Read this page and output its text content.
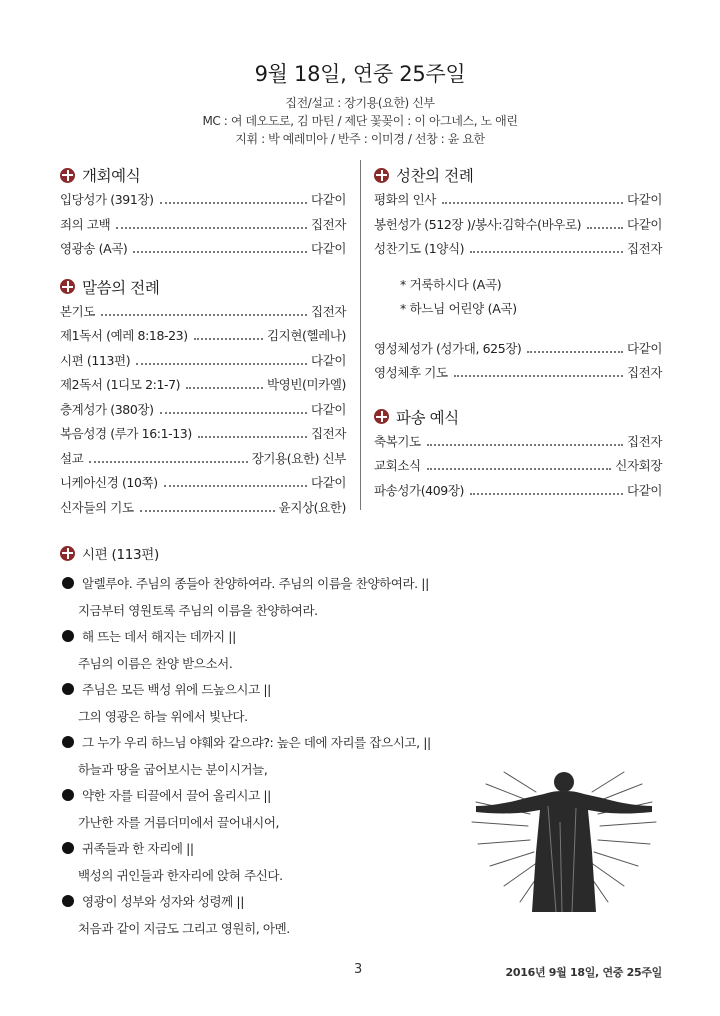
9월 18일, 연중 25주일
집전/설교 : 장기용(요한) 신부
MC : 여 데오도로, 김 마틴 / 제단 꽃꽂이 : 이 아그네스, 노 애린
지휘 : 박 예레미아 / 반주 : 이미경 / 선창 : 윤 요한
개회예식
입당성가 (391장)	다같이
죄의 고백	집전자
영광송 (A곡)	다같이
말씀의 전례
본기도	집전자
제1독서 (예레 8:18-23)	김지현(헬레나)
시편 (113편)	다같이
제2독서 (1디모 2:1-7)	박영빈(미카엘)
층계성가 (380장)	다같이
복음성경 (루가 16:1-13)	집전자
설교	장기용(요한) 신부
니케아신경 (10쪽)	다같이
신자들의 기도	윤지상(요한)
성찬의 전례
평화의 인사	다같이
봉헌성가 (512장 )/봉사:김학수(바우로)	다같이
성찬기도 (1양식)	집전자
* 거룩하시다 (A곡)
* 하느님 어린양 (A곡)
영성체성가 (성가대, 625장)	다같이
영성체후 기도	집전자
파송 예식
축복기도	집전자
교회소식	신자회장
파송성가(409장)	다같이
시편 (113편)
알렐루야. 주님의 종들아 찬양하여라. 주님의 이름을 찬양하여라. ||
지금부터 영원토록 주님의 이름을 찬양하여라.
해 뜨는 데서 해지는 데까지 ||
주님의 이름은 찬양 받으소서.
주님은 모든 백성 위에 드높으시고 ||
그의 영광은 하늘 위에서 빛난다.
그 누가 우리 하느님 야훼와 같으랴?: 높은 데에 자리를 잡으시고, ||
하늘과 땅을 굽어보시는 분이시거늘,
약한 자를 티끌에서 끌어 올리시고 ||
가난한 자를 거름더미에서 끌어내시어,
귀족들과 한 자리에 ||
백성의 귀인들과 한자리에 앉혀 주신다.
영광이 성부와 성자와 성령께 ||
처음과 같이 지금도 그리고 영원히, 아멘.
3	2016년 9월 18일, 연중 25주일
